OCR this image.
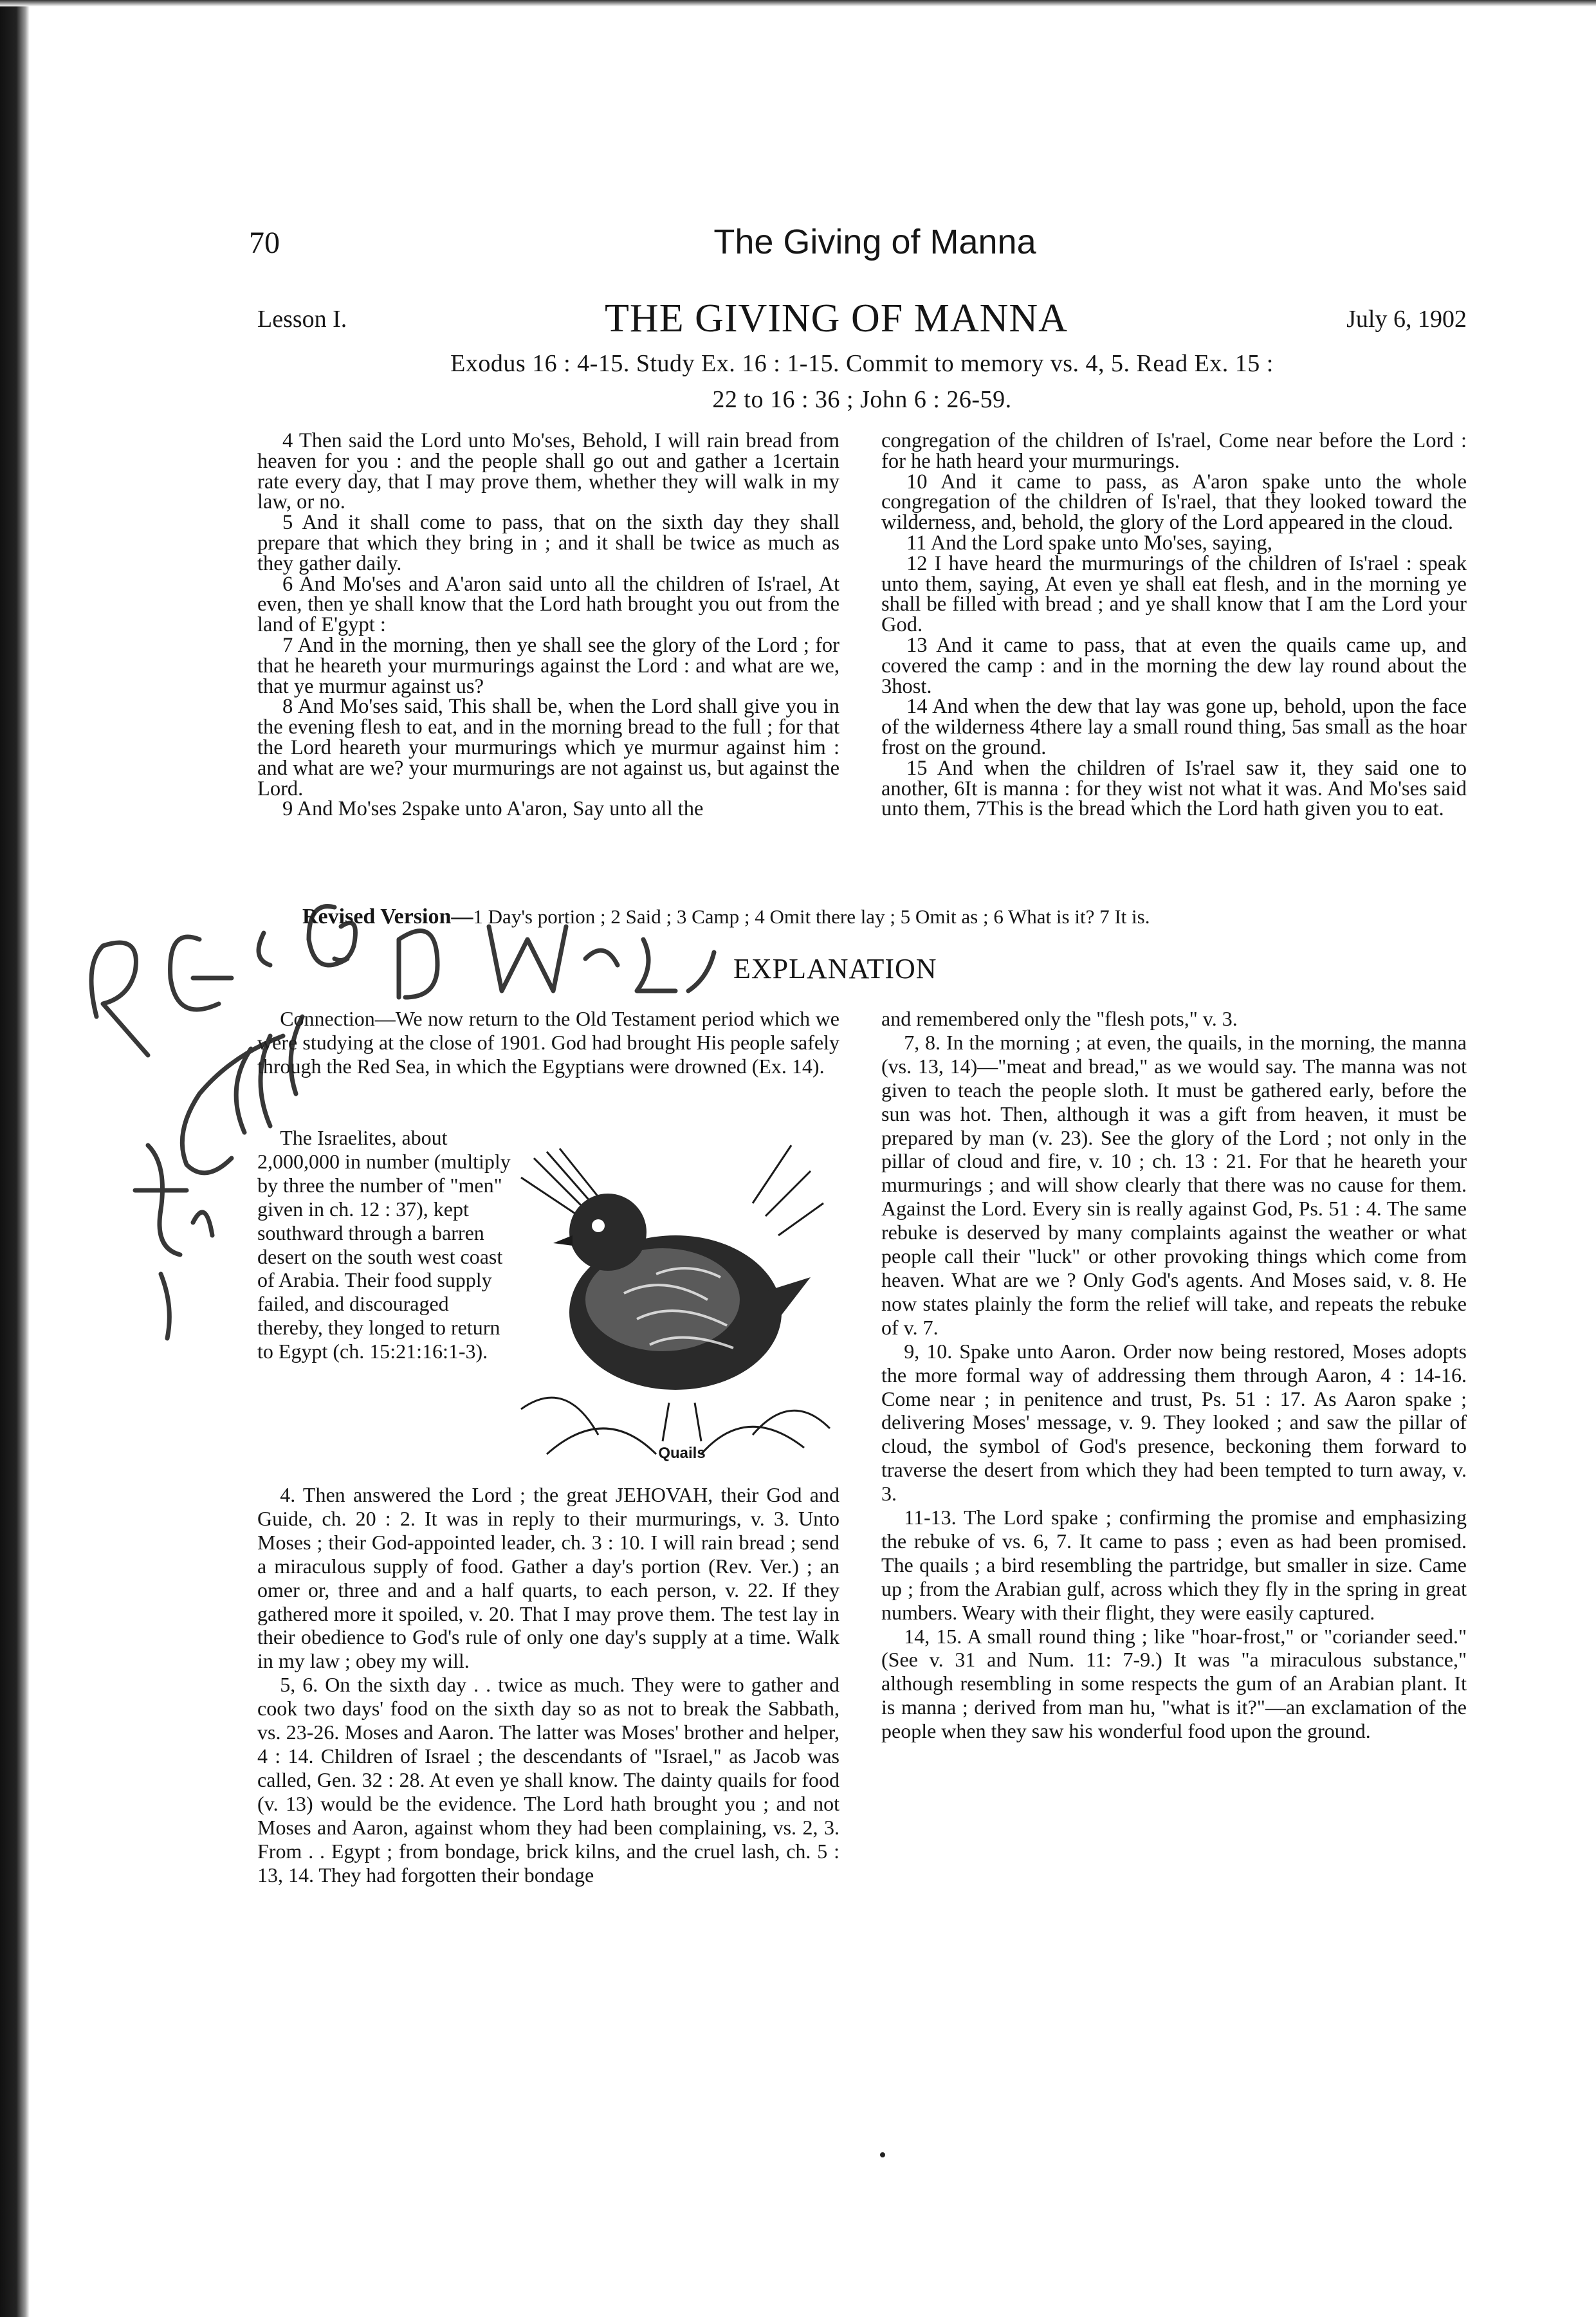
70	The Giving of Manna
Lesson I.	THE GIVING OF MANNA	July 6, 1902
Exodus 16 : 4-15. Study Ex. 16 : 1-15. Commit to memory vs. 4, 5. Read Ex. 15 :
22 to 16 : 36 ; John 6 : 26-59.

4 Then said the Lord unto Mo'ses, Behold, I will rain bread from heaven for you : and the people shall go out and gather a 1certain rate every day, that I may prove them, whether they will walk in my law, or no.

5 And it shall come to pass, that on the sixth day they shall prepare that which they bring in ; and it shall be twice as much as they gather daily.

6 And Mo'ses and A'aron said unto all the children of Is'rael, At even, then ye shall know that the Lord hath brought you out from the land of E'gypt :

7 And in the morning, then ye shall see the glory of the Lord ; for that he heareth your murmurings against the Lord : and what are we, that ye murmur against us?

8 And Mo'ses said, This shall be, when the Lord shall give you in the evening flesh to eat, and in the morning bread to the full ; for that the Lord heareth your murmurings which ye murmur against him : and what are we? your murmurings are not against us, but against the Lord.

9 And Mo'ses 2spake unto A'aron, Say unto all the

congregation of the children of Is'rael, Come near before the Lord : for he hath heard your murmurings.

10 And it came to pass, as A'aron spake unto the whole congregation of the children of Is'rael, that they looked toward the wilderness, and, behold, the glory of the Lord appeared in the cloud.

11 And the Lord spake unto Mo'ses, saying,

12 I have heard the murmurings of the children of Is'rael : speak unto them, saying, At even ye shall eat flesh, and in the morning ye shall be filled with bread ; and ye shall know that I am the Lord your God.

13 And it came to pass, that at even the quails came up, and covered the camp : and in the morning the dew lay round about the 3host.

14 And when the dew that lay was gone up, behold, upon the face of the wilderness 4there lay a small round thing, 5as small as the hoar frost on the ground.

15 And when the children of Is'rael saw it, they said one to another, 6It is manna : for they wist not what it was. And Mo'ses said unto them, 7This is the bread which the Lord hath given you to eat.

Revised Version—1 Day's portion ; 2 Said ; 3 Camp ; 4 Omit there lay ; 5 Omit as ; 6 What is it? 7 It is.
EXPLANATION

Connection—We now return to the Old Testament period which we were studying at the close of 1901. God had brought His people safely through the Red Sea, in which the Egyptians were drowned (Ex. 14).

The Israelites, about 2,000,000 in number (multiply by three the number of "men" given in ch. 12 : 37), kept southward through a barren desert on the south west coast of Arabia. Their food supply failed, and discouraged thereby, they longed to return to Egypt (ch. 15:21:16:1-3).

Quails

4. Then answered the Lord ; the great JEHOVAH, their God and Guide, ch. 20 : 2. It was in reply to their murmurings, v. 3. Unto Moses ; their God-appointed leader, ch. 3 : 10. I will rain bread ; send a miraculous supply of food. Gather a day's portion (Rev. Ver.) ; an omer or, three and and a half quarts, to each person, v. 22. If they gathered more it spoiled, v. 20. That I may prove them. The test lay in their obedience to God's rule of only one day's supply at a time. Walk in my law ; obey my will.

5, 6. On the sixth day . . twice as much. They were to gather and cook two days' food on the sixth day so as not to break the Sabbath, vs. 23-26. Moses and Aaron. The latter was Moses' brother and helper, 4 : 14. Children of Israel ; the descendants of "Israel," as Jacob was called, Gen. 32 : 28. At even ye shall know. The dainty quails for food (v. 13) would be the evidence. The Lord hath brought you ; and not Moses and Aaron, against whom they had been complaining, vs. 2, 3. From . . Egypt ; from bondage, brick kilns, and the cruel lash, ch. 5 : 13, 14. They had forgotten their bondage

and remembered only the "flesh pots," v. 3.

7, 8. In the morning ; at even, the quails, in the morning, the manna (vs. 13, 14)—"meat and bread," as we would say. The manna was not given to teach the people sloth. It must be gathered early, before the sun was hot. Then, although it was a gift from heaven, it must be prepared by man (v. 23). See the glory of the Lord ; not only in the pillar of cloud and fire, v. 10 ; ch. 13 : 21. For that he heareth your murmurings ; and will show clearly that there was no cause for them. Against the Lord. Every sin is really against God, Ps. 51 : 4. The same rebuke is deserved by many complaints against the weather or what people call their "luck" or other provoking things which come from heaven. What are we ? Only God's agents. And Moses said, v. 8. He now states plainly the form the relief will take, and repeats the rebuke of v. 7.

9, 10. Spake unto Aaron. Order now being restored, Moses adopts the more formal way of addressing them through Aaron, 4 : 14-16. Come near ; in penitence and trust, Ps. 51 : 17. As Aaron spake ; delivering Moses' message, v. 9. They looked ; and saw the pillar of cloud, the symbol of God's presence, beckoning them forward to traverse the desert from which they had been tempted to turn away, v. 3.

11-13. The Lord spake ; confirming the promise and emphasizing the rebuke of vs. 6, 7. It came to pass ; even as had been promised. The quails ; a bird resembling the partridge, but smaller in size. Came up ; from the Arabian gulf, across which they fly in the spring in great numbers. Weary with their flight, they were easily captured.

14, 15. A small round thing ; like "hoar-frost," or "coriander seed." (See v. 31 and Num. 11: 7-9.) It was "a miraculous substance," although resembling in some respects the gum of an Arabian plant. It is manna ; derived from man hu, "what is it?"—an exclamation of the people when they saw his wonderful food upon the ground.
